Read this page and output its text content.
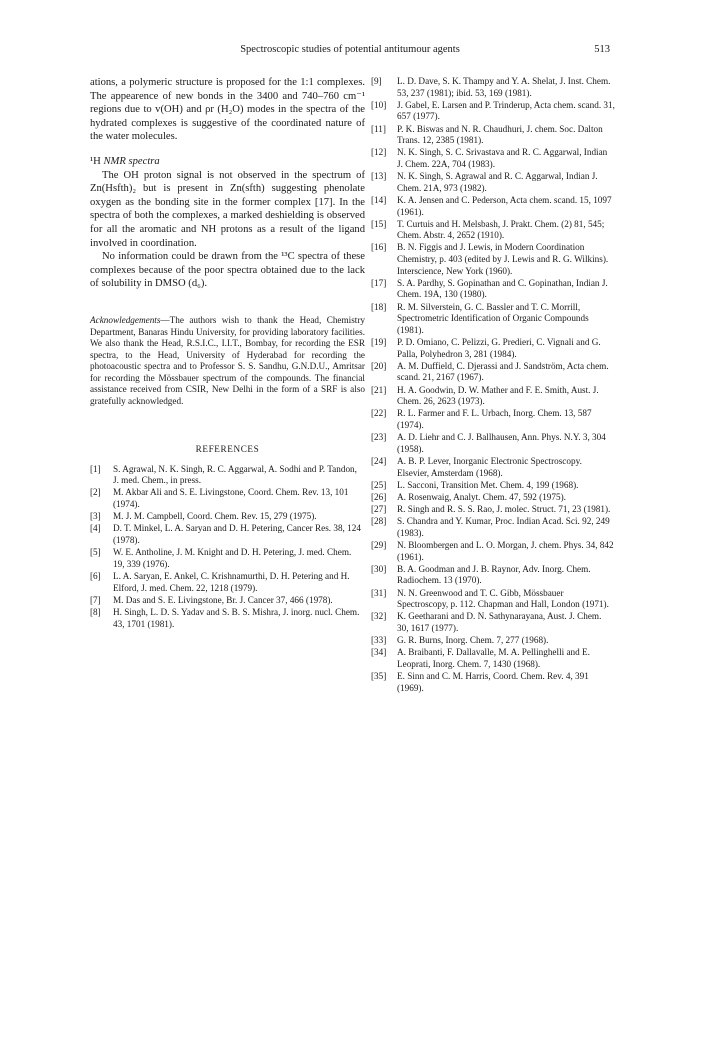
Spectroscopic studies of potential antitumour agents	513

ations, a polymeric structure is proposed for the 1:1 complexes. The appearence of new bonds in the 3400 and 740–760 cm⁻¹ regions due to v(OH) and ρr (H₂O) modes in the spectra of the hydrated complexes is suggestive of the coordinated nature of the water molecules.

¹H NMR spectra

The OH proton signal is not observed in the spectrum of Zn(Hsfth)₂ but is present in Zn(sfth) suggesting phenolate oxygen as the bonding site in the former complex [17]. In the spectra of both the complexes, a marked deshielding is observed for all the aromatic and NH protons as a result of the ligand involved in coordination.

No information could be drawn from the ¹³C spectra of these complexes because of the poor spectra obtained due to the lack of solubility in DMSO (d₆).

Acknowledgements—The authors wish to thank the Head, Chemistry Department, Banaras Hindu University, for providing laboratory facilities. We also thank the Head, R.S.I.C., I.I.T., Bombay, for recording the ESR spectra, to the Head, University of Hyderabad for recording the photoacoustic spectra and to Professor S. S. Sandhu, G.N.D.U., Amritsar for recording the Mössbauer spectrum of the compounds. The financial assistance received from CSIR, New Delhi in the form of a SRF is also gratefully acknowledged.

REFERENCES
[1]	S. Agrawal, N. K. Singh, R. C. Aggarwal, A. Sodhi and P. Tandon, J. med. Chem., in press.
[2]	M. Akbar Ali and S. E. Livingstone, Coord. Chem. Rev. 13, 101 (1974).
[3]	M. J. M. Campbell, Coord. Chem. Rev. 15, 279 (1975).
[4]	D. T. Minkel, L. A. Saryan and D. H. Petering, Cancer Res. 38, 124 (1978).
[5]	W. E. Antholine, J. M. Knight and D. H. Petering, J. med. Chem. 19, 339 (1976).
[6]	L. A. Saryan, E. Ankel, C. Krishnamurthi, D. H. Petering and H. Elford, J. med. Chem. 22, 1218 (1979).
[7]	M. Das and S. E. Livingstone, Br. J. Cancer 37, 466 (1978).
[8]	H. Singh, L. D. S. Yadav and S. B. S. Mishra, J. inorg. nucl. Chem. 43, 1701 (1981).
[9]	L. D. Dave, S. K. Thampy and Y. A. Shelat, J. Inst. Chem. 53, 237 (1981); ibid. 53, 169 (1981).
[10]	J. Gabel, E. Larsen and P. Trinderup, Acta chem. scand. 31, 657 (1977).
[11]	P. K. Biswas and N. R. Chaudhuri, J. chem. Soc. Dalton Trans. 12, 2385 (1981).
[12]	N. K. Singh, S. C. Srivastava and R. C. Aggarwal, Indian J. Chem. 22A, 704 (1983).
[13]	N. K. Singh, S. Agrawal and R. C. Aggarwal, Indian J. Chem. 21A, 973 (1982).
[14]	K. A. Jensen and C. Pederson, Acta chem. scand. 15, 1097 (1961).
[15]	T. Curtuis and H. Melsbash, J. Prakt. Chem. (2) 81, 545; Chem. Abstr. 4, 2652 (1910).
[16]	B. N. Figgis and J. Lewis, in Modern Coordination Chemistry, p. 403 (edited by J. Lewis and R. G. Wilkins). Interscience, New York (1960).
[17]	S. A. Pardhy, S. Gopinathan and C. Gopinathan, Indian J. Chem. 19A, 130 (1980).
[18]	R. M. Silverstein, G. C. Bassler and T. C. Morrill, Spectrometric Identification of Organic Compounds (1981).
[19]	P. D. Omiano, C. Pelizzi, G. Predieri, C. Vignali and G. Palla, Polyhedron 3, 281 (1984).
[20]	A. M. Duffield, C. Djerassi and J. Sandström, Acta chem. scand. 21, 2167 (1967).
[21]	H. A. Goodwin, D. W. Mather and F. E. Smith, Aust. J. Chem. 26, 2623 (1973).
[22]	R. L. Farmer and F. L. Urbach, Inorg. Chem. 13, 587 (1974).
[23]	A. D. Liehr and C. J. Ballhausen, Ann. Phys. N.Y. 3, 304 (1958).
[24]	A. B. P. Lever, Inorganic Electronic Spectroscopy. Elsevier, Amsterdam (1968).
[25]	L. Sacconi, Transition Met. Chem. 4, 199 (1968).
[26]	A. Rosenwaig, Analyt. Chem. 47, 592 (1975).
[27]	R. Singh and R. S. S. Rao, J. molec. Struct. 71, 23 (1981).
[28]	S. Chandra and Y. Kumar, Proc. Indian Acad. Sci. 92, 249 (1983).
[29]	N. Bloombergen and L. O. Morgan, J. chem. Phys. 34, 842 (1961).
[30]	B. A. Goodman and J. B. Raynor, Adv. Inorg. Chem. Radiochem. 13 (1970).
[31]	N. N. Greenwood and T. C. Gibb, Mössbauer Spectroscopy, p. 112. Chapman and Hall, London (1971).
[32]	K. Geetharani and D. N. Sathynarayana, Aust. J. Chem. 30, 1617 (1977).
[33]	G. R. Burns, Inorg. Chem. 7, 277 (1968).
[34]	A. Braibanti, F. Dallavalle, M. A. Pellinghelli and E. Leoprati, Inorg. Chem. 7, 1430 (1968).
[35]	E. Sinn and C. M. Harris, Coord. Chem. Rev. 4, 391 (1969).
